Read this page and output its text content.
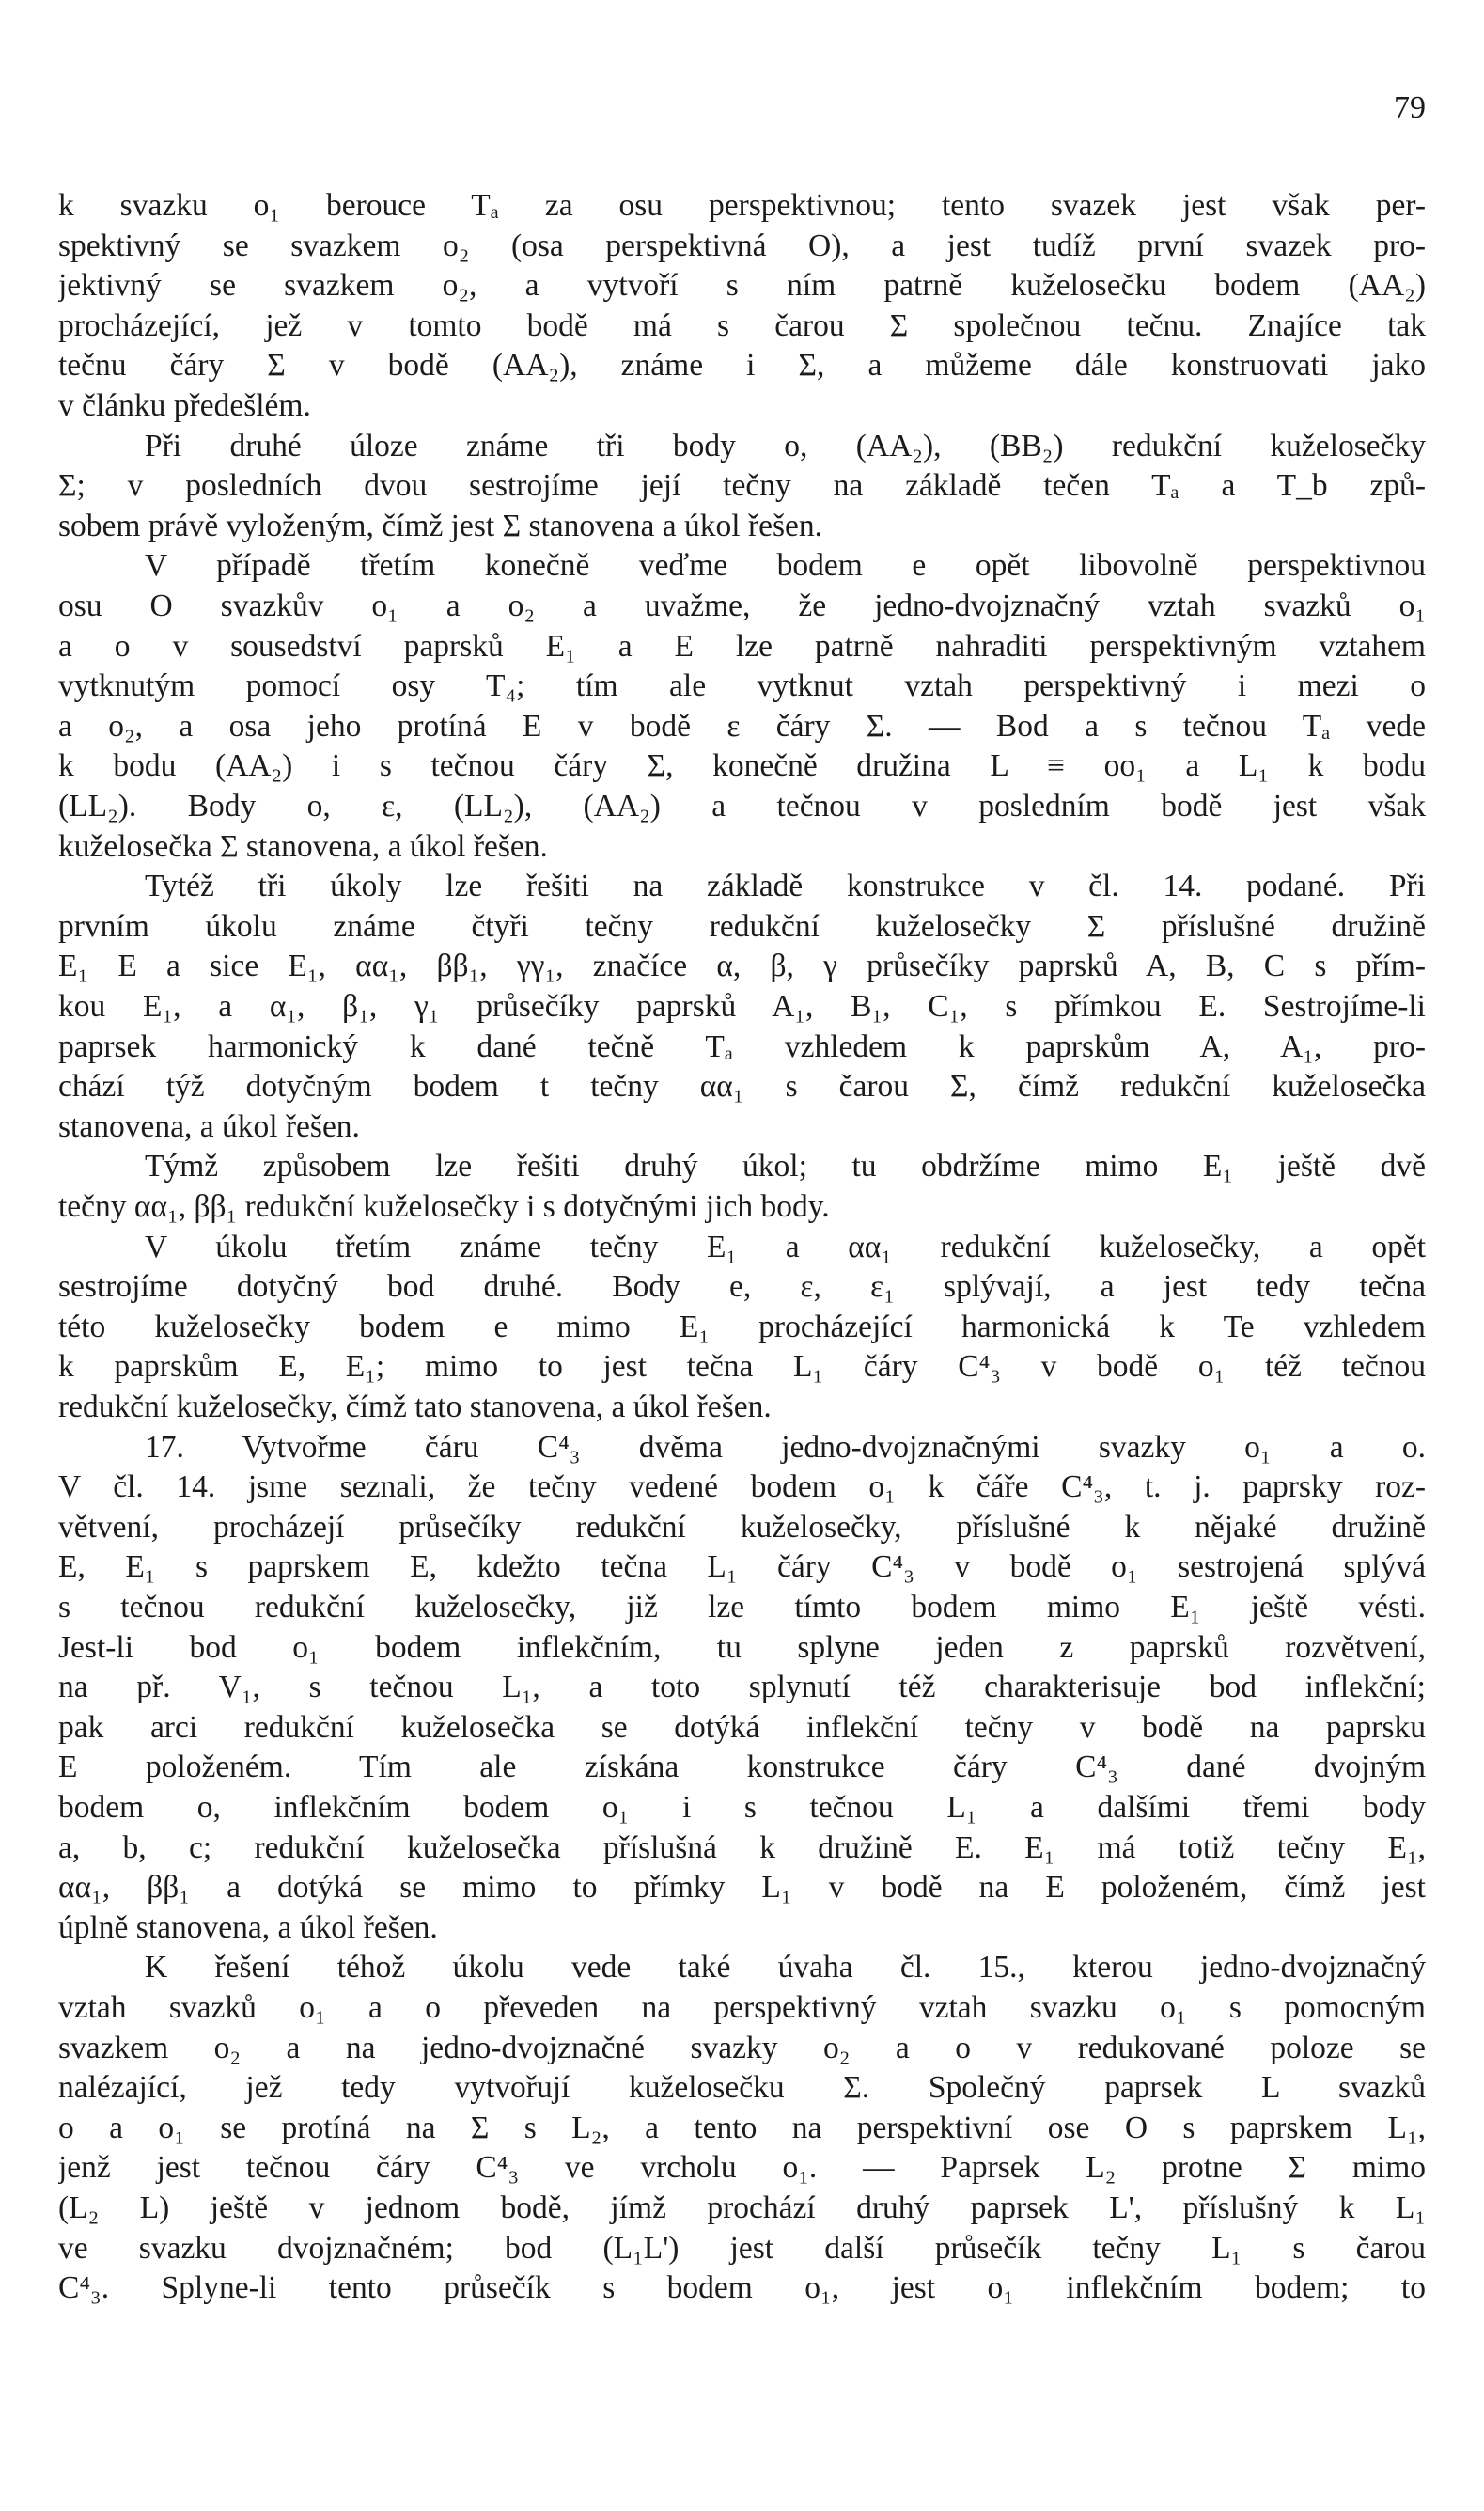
79
k svazku o₁ berouce Tₐ za osu perspektivnou; tento svazek jest však per-
spektivný se svazkem o₂ (osa perspektivná O), a jest tudíž první svazek pro-
jektivný se svazkem o₂, a vytvoří s ním patrně kuželosečku bodem (AA₂)
procházející, jež v tomto bodě má s čarou Σ společnou tečnu. Znajíce tak
tečnu čáry Σ v bodě (AA₂), známe i Σ, a můžeme dále konstruovati jako
v článku předešlém.
Při druhé úloze známe tři body o, (AA₂), (BB₂) redukční kuželosečky
Σ; v posledních dvou sestrojíme její tečny na základě tečen Tₐ a T_b způ-
sobem právě vyloženým, čímž jest Σ stanovena a úkol řešen.
V případě třetím konečně veďme bodem e opět libovolně perspektivnou
osu O svazkův o₁ a o₂ a uvažme, že jedno-dvojznačný vztah svazků o₁
a o v sousedství paprsků E₁ a E lze patrně nahraditi perspektivným vztahem
vytknutým pomocí osy T₄; tím ale vytknut vztah perspektivný i mezi o
a o₂, a osa jeho protíná E v bodě ε čáry Σ. — Bod a s tečnou Tₐ vede
k bodu (AA₂) i s tečnou čáry Σ, konečně družina L ≡ oo₁ a L₁ k bodu
(LL₂). Body o, ε, (LL₂), (AA₂) a tečnou v posledním bodě jest však
kuželosečka Σ stanovena, a úkol řešen.
Tytéž tři úkoly lze řešiti na základě konstrukce v čl. 14. podané. Při
prvním úkolu známe čtyři tečny redukční kuželosečky Σ příslušné družině
E₁ E a sice E₁, αα₁, ββ₁, γγ₁, značíce α, β, γ průsečíky paprsků A, B, C s přím-
kou E₁, a α₁, β₁, γ₁ průsečíky paprsků A₁, B₁, C₁, s přímkou E. Sestrojíme-li
paprsek harmonický k dané tečně Tₐ vzhledem k paprskům A, A₁, pro-
chází týž dotyčným bodem t tečny αα₁ s čarou Σ, čímž redukční kuželosečka
stanovena, a úkol řešen.
Týmž způsobem lze řešiti druhý úkol; tu obdržíme mimo E₁ ještě dvě
tečny αα₁, ββ₁ redukční kuželosečky i s dotyčnými jich body.
V úkolu třetím známe tečny E₁ a αα₁ redukční kuželosečky, a opět
sestrojíme dotyčný bod druhé. Body e, ε, ε₁ splývají, a jest tedy tečna
této kuželosečky bodem e mimo E₁ procházející harmonická k Te vzhledem
k paprskům E, E₁; mimo to jest tečna L₁ čáry C⁴₃ v bodě o₁ též tečnou
redukční kuželosečky, čímž tato stanovena, a úkol řešen.
17. Vytvořme čáru C⁴₃ dvěma jedno-dvojznačnými svazky o₁ a o.
V čl. 14. jsme seznali, že tečny vedené bodem o₁ k čáře C⁴₃, t. j. paprsky roz-
větvení, procházejí průsečíky redukční kuželosečky, příslušné k nějaké družině
E, E₁ s paprskem E, kdežto tečna L₁ čáry C⁴₃ v bodě o₁ sestrojená splývá
s tečnou redukční kuželosečky, již lze tímto bodem mimo E₁ ještě vésti.
Jest-li bod o₁ bodem inflekčním, tu splyne jeden z paprsků rozvětvení,
na př. V₁, s tečnou L₁, a toto splynutí též charakterisuje bod inflekční;
pak arci redukční kuželosečka se dotýká inflekční tečny v bodě na paprsku
E položeném. Tím ale získána konstrukce čáry C⁴₃ dané dvojným
bodem o, inflekčním bodem o₁ i s tečnou L₁ a dalšími třemi body
a, b, c; redukční kuželosečka příslušná k družině E. E₁ má totiž tečny E₁,
αα₁, ββ₁ a dotýká se mimo to přímky L₁ v bodě na E položeném, čímž jest
úplně stanovena, a úkol řešen.
K řešení téhož úkolu vede také úvaha čl. 15., kterou jedno-dvojznačný
vztah svazků o₁ a o převeden na perspektivný vztah svazku o₁ s pomocným
svazkem o₂ a na jedno-dvojznačné svazky o₂ a o v redukované poloze se
nalézající, jež tedy vytvořují kuželosečku Σ. Společný paprsek L svazků
o a o₁ se protíná na Σ s L₂, a tento na perspektivní ose O s paprskem L₁,
jenž jest tečnou čáry C⁴₃ ve vrcholu o₁. — Paprsek L₂ protne Σ mimo
(L₂ L) ještě v jednom bodě, jímž prochází druhý paprsek L', příslušný k L₁
ve svazku dvojznačném; bod (L₁L') jest další průsečík tečny L₁ s čarou
C⁴₃. Splyne-li tento průsečík s bodem o₁, jest o₁ inflekčním bodem; to
